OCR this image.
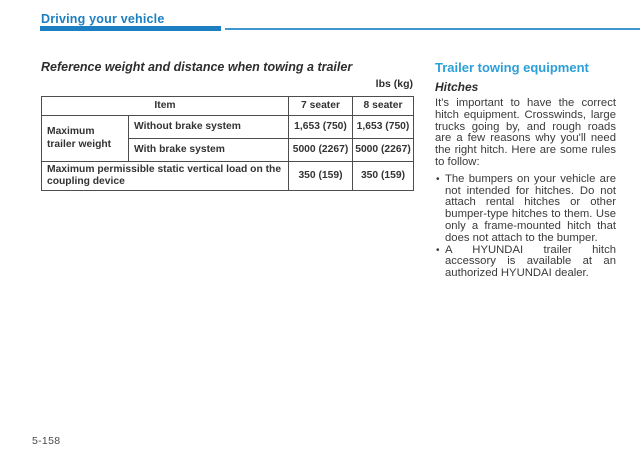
Driving your vehicle
Reference weight and distance when towing a trailer
lbs (kg)
Item		7 seater	8 seater
Maximum trailer weight	Without brake system	1,653 (750)	1,653 (750)
	With brake system	5000 (2267)	5000 (2267)
Maximum permissible static vertical load on the coupling device		350 (159)	350 (159)
Trailer towing equipment
Hitches

It's important to have the correct hitch equipment. Crosswinds, large trucks going by, and rough roads are a few reasons why you'll need the right hitch. Here are some rules to follow:

• The bumpers on your vehicle are not intended for hitches. Do not attach rental hitches or other bumper-type hitches to them. Use only a frame-mounted hitch that does not attach to the bumper.
• A HYUNDAI trailer hitch accessory is available at an authorized HYUNDAI dealer.
5-158
